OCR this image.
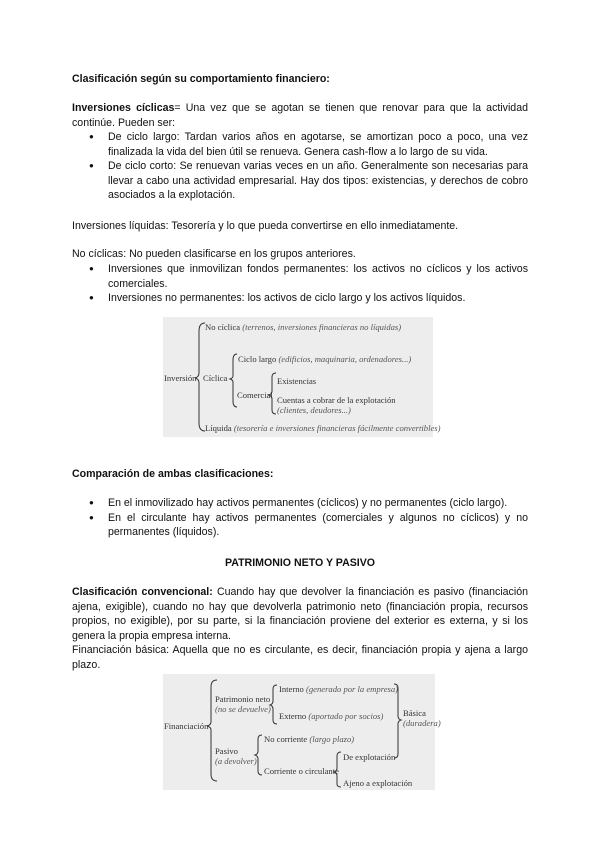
Clasificación según su comportamiento financiero:

Inversiones cíclicas= Una vez que se agotan se tienen que renovar para que la actividad continúe. Pueden ser:

● De ciclo largo: Tardan varios años en agotarse, se amortizan poco a poco, una vez finalizada la vida del bien útil se renueva. Genera cash-flow a lo largo de su vida.
● De ciclo corto: Se renuevan varias veces en un año. Generalmente son necesarias para llevar a cabo una actividad empresarial. Hay dos tipos: existencias, y derechos de cobro asociados a la explotación.

Inversiones líquidas: Tesorería y lo que pueda convertirse en ello inmediatamente.

No cíclicas: No pueden clasificarse en los grupos anteriores.

● Inversiones que inmovilizan fondos permanentes: los activos no cíclicos y los activos comerciales.
● Inversiones no permanentes: los activos de ciclo largo y los activos líquidos.
Inversión
No cíclica (terrenos, inversiones financieras no líquidas)
Cíclica
Ciclo largo (edificios, maquinaria, ordenadores...)
Comercial
Existencias
Cuentas a cobrar de la explotación
(clientes, deudores...)
Líquida (tesorería e inversiones financieras fácilmente convertibles)

Comparación de ambas clasificaciones:

● En el inmovilizado hay activos permanentes (cíclicos) y no permanentes (ciclo largo).
● En el circulante hay activos permanentes (comerciales y algunos no cíclicos) y no permanentes (líquidos).

PATRIMONIO NETO Y PASIVO

Clasificación convencional: Cuando hay que devolver la financiación es pasivo (financiación ajena, exigible), cuando no hay que devolverla patrimonio neto (financiación propia, recursos propios, no exigible), por su parte, si la financiación proviene del exterior es externa, y si los genera la propia empresa interna.

Financiación básica: Aquella que no es circulante, es decir, financiación propia y ajena a largo plazo.

Financiación
Patrimonio neto
(no se devuelve)
Interno (generado por la empresa)
Externo (aportado por socios) Básica
(duradera)
Pasivo
(a devolver)
No corriente (largo plazo)
Corriente o circulante
De explotación
Ajeno a explotación
